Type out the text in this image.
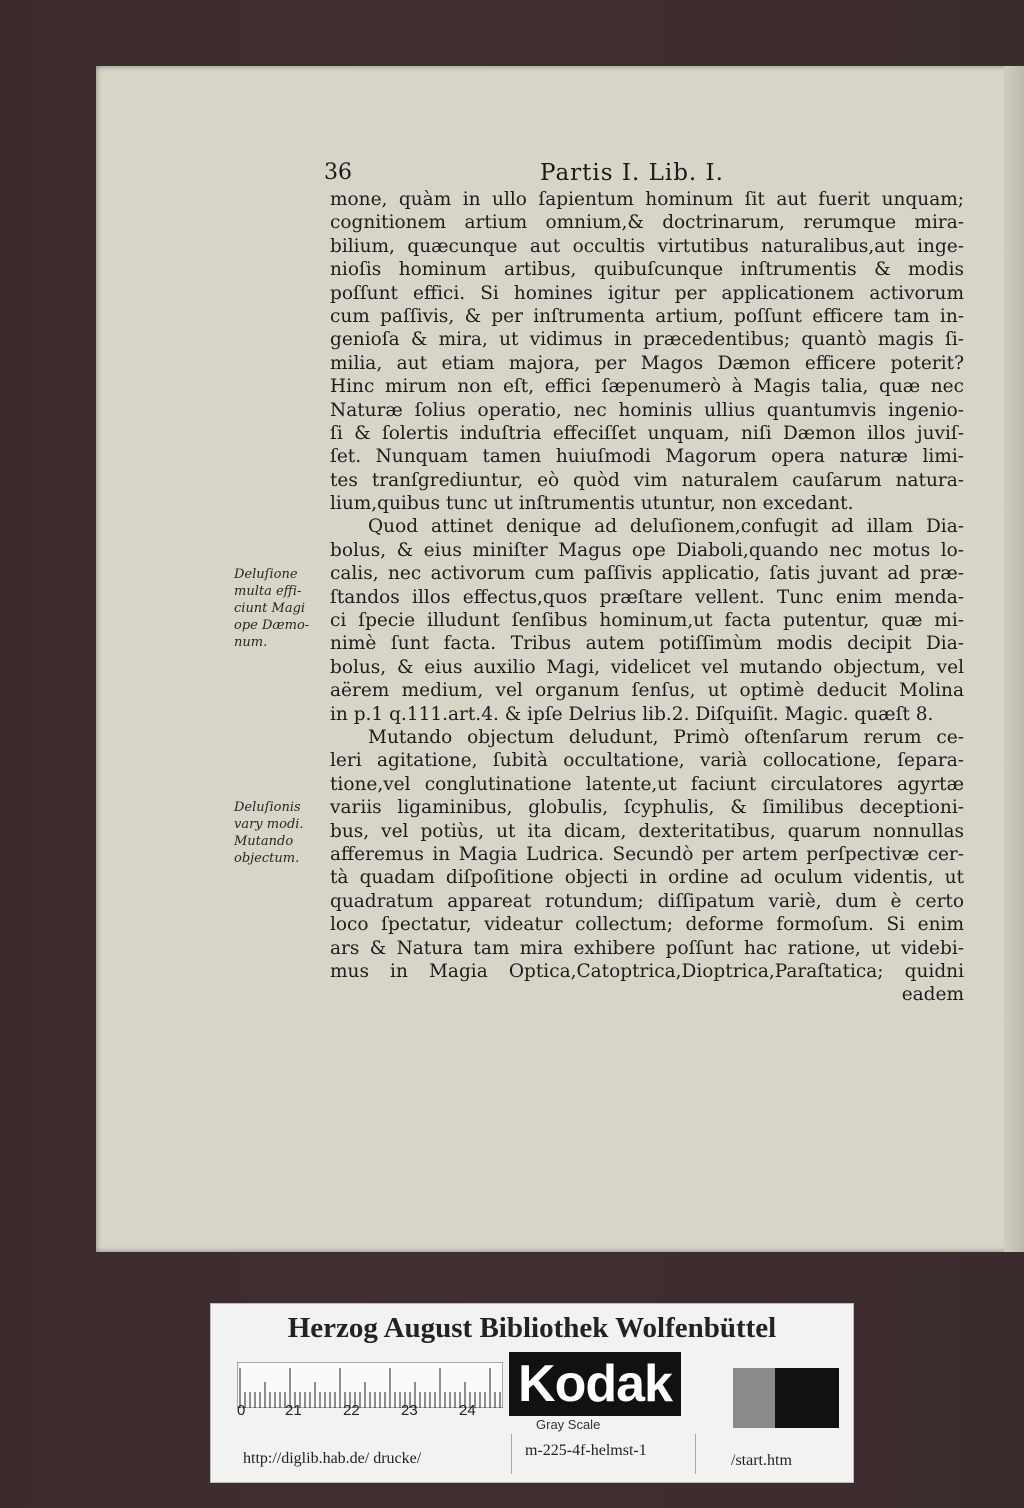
36	Partis I. Lib. I.
Deluſione multa effi- ciunt Magi ope Dæmo- num.
Deluſionis vary modi. Mutando objectum.
mone, quàm in ullo ſapientum hominum ſit aut fuerit unquam;
cognitionem artium omnium,& doctrinarum, rerumque mira-
bilium, quæcunque aut occultis virtutibus naturalibus,aut inge-
nioſis hominum artibus, quibuſcunque inſtrumentis & modis
poſſunt effici. Si homines igitur per applicationem activorum
cum paſſivis, & per inſtrumenta artium, poſſunt efficere tam in-
genioſa & mira, ut vidimus in præcedentibus; quantò magis ſi-
milia, aut etiam majora, per Magos Dæmon efficere poterit?
Hinc mirum non eſt, effici ſæpenumerò à Magis talia, quæ nec
Naturæ ſolius operatio, nec hominis ullius quantumvis ingenio-
ſi & ſolertis induſtria effeciſſet unquam, niſi Dæmon illos juviſ-
ſet. Nunquam tamen huiuſmodi Magorum opera naturæ limi-
tes tranſgrediuntur, eò quòd vim naturalem cauſarum natura-
lium,quibus tunc ut inſtrumentis utuntur, non excedant.
Quod attinet denique ad deluſionem,confugit ad illam Dia-
bolus, & eius miniſter Magus ope Diaboli,quando nec motus lo-
calis, nec activorum cum paſſivis applicatio, ſatis juvant ad præ-
ſtandos illos effectus,quos præſtare vellent. Tunc enim menda-
ci ſpecie illudunt ſenſibus hominum,ut facta putentur, quæ mi-
nimè ſunt facta. Tribus autem potiſſimùm modis decipit Dia-
bolus, & eius auxilio Magi, videlicet vel mutando objectum, vel
aërem medium, vel organum ſenſus, ut optimè deducit Molina
in p.1 q.111.art.4. & ipſe Delrius lib.2. Diſquiſit. Magic. quæſt 8.
Mutando objectum deludunt, Primò oſtenſarum rerum ce-
leri agitatione, ſubità occultatione, varià collocatione, ſepara-
tione,vel conglutinatione latente,ut faciunt circulatores agyrtæ
variis ligaminibus, globulis, ſcyphulis, & ſimilibus deceptioni-
bus, vel potiùs, ut ita dicam, dexteritatibus, quarum nonnullas
afferemus in Magia Ludrica. Secundò per artem perſpectivæ cer-
tà quadam diſpoſitione objecti in ordine ad oculum videntis, ut
quadratum appareat rotundum; diſſipatum variè, dum è certo
loco ſpectatur, videatur collectum; deforme formoſum. Si enim
ars & Natura tam mira exhibere poſſunt hac ratione, ut videbi-
mus in Magia Optica,Catoptrica,Dioptrica,Paraſtatica; quidni
eadem
Herzog August Bibliothek Wolfenbüttel
0	21	22	23	24 Kodak
Gray Scale
http://diglib.hab.de/ drucke/	m-225-4f-helmst-1
/start.htm
